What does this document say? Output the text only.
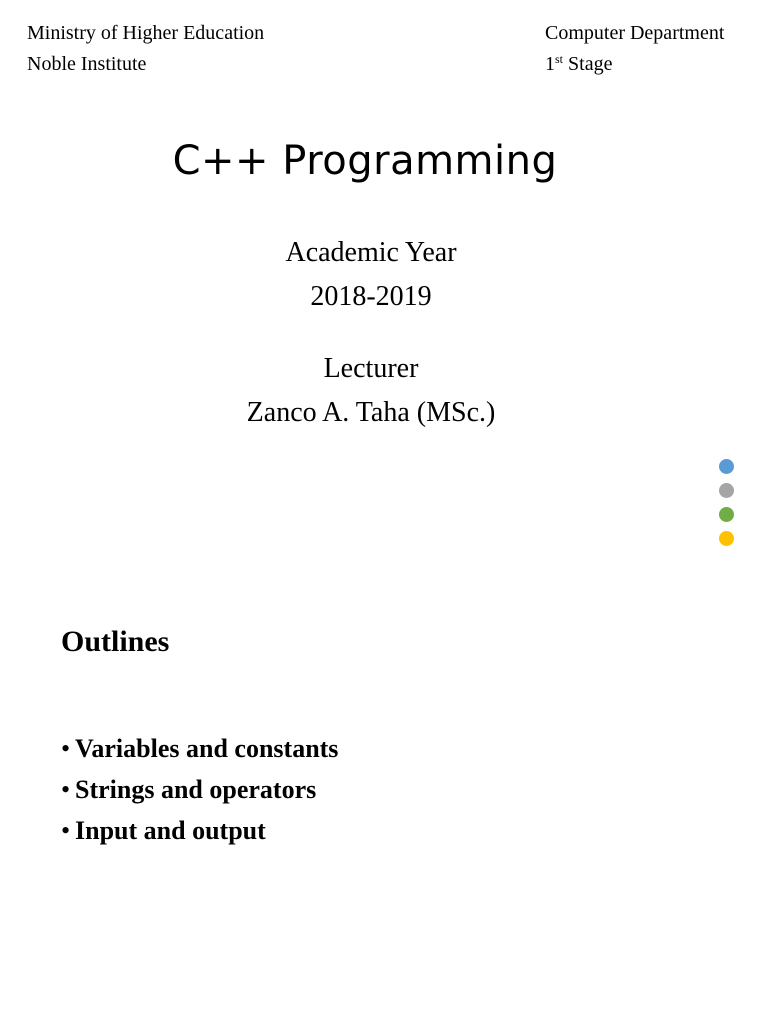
Ministry of Higher Education
Noble Institute
Computer Department
1st Stage
C++ Programming
Academic Year
2018-2019
Lecturer
Zanco A. Taha (MSc.)
Outlines
• Variables and constants
• Strings and operators
• Input and output
